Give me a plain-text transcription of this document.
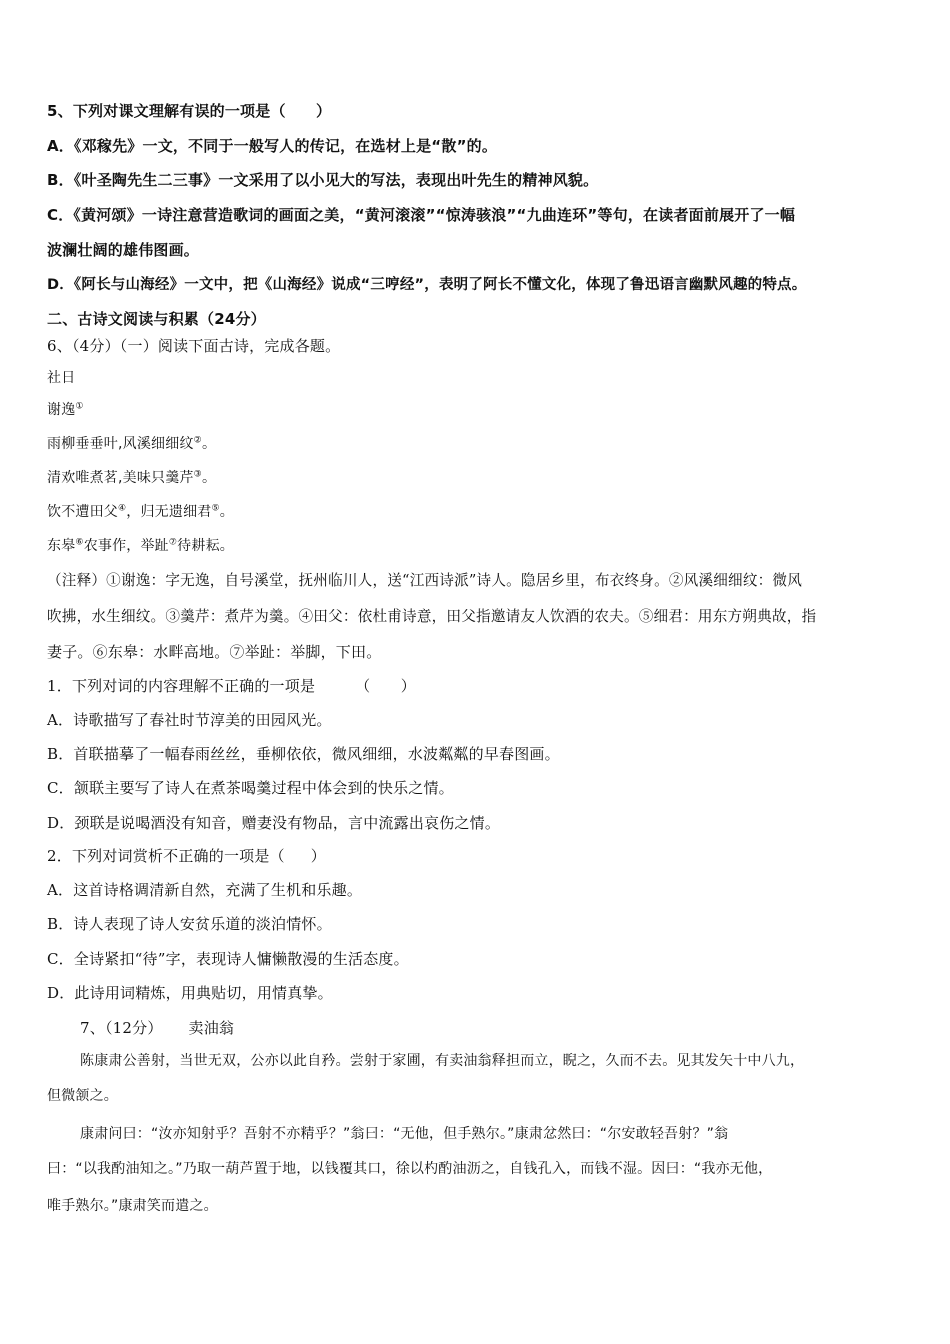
5、下列对课文理解有误的一项是（　　）
A．《邓稼先》一文，不同于一般写人的传记，在选材上是“散”的。
B．《叶圣陶先生二三事》一文采用了以小见大的写法，表现出叶先生的精神风貌。
C．《黄河颂》一诗注意营造歌词的画面之美，“黄河滚滚”“惊涛骇浪”“九曲连环”等句，在读者面前展开了一幅
波澜壮阔的雄伟图画。
D．《阿长与山海经》一文中，把《山海经》说成“三哼经”，表明了阿长不懂文化，体现了鲁迅语言幽默风趣的特点。
二、古诗文阅读与积累（24分）
6、（4分）（一）阅读下面古诗，完成各题。
社日
谢逸①
雨柳垂垂叶,风溪细细纹②。
清欢唯煮茗,美味只羹芹③。
饮不遭田父④，归无遗细君⑤。
东皋⑥农事作，举趾⑦待耕耘。
（注释）①谢逸：字无逸，自号溪堂，抚州临川人，送“江西诗派”诗人。隐居乡里，布衣终身。②风溪细细纹：微风
吹拂，水生细纹。③羹芹：煮芹为羹。④田父：依杜甫诗意，田父指邀请友人饮酒的农夫。⑤细君：用东方朔典故，指
妻子。⑥东皋：水畔高地。⑦举趾：举脚，下田。
1．下列对词的内容理解不正确的一项是	（　　）
A．诗歌描写了春社时节淳美的田园风光。
B．首联描摹了一幅春雨丝丝，垂柳依依，微风细细，水波粼粼的早春图画。
C．颔联主要写了诗人在煮茶喝羹过程中体会到的快乐之情。
D．颈联是说喝酒没有知音，赠妻没有物品，言中流露出哀伤之情。
2．下列对词赏析不正确的一项是（ ）
A．这首诗格调清新自然，充满了生机和乐趣。
B．诗人表现了诗人安贫乐道的淡泊情怀。
C．全诗紧扣“待”字，表现诗人慵懒散漫的生活态度。
D．此诗用词精炼，用典贴切，用情真挚。
7、（12分） 卖油翁
陈康肃公善射，当世无双，公亦以此自矜。尝射于家圃，有卖油翁释担而立，睨之，久而不去。见其发矢十中八九，
但微颔之。
康肃问曰：“汝亦知射乎？吾射不亦精乎？”翁曰：“无他，但手熟尔。”康肃忿然曰：“尔安敢轻吾射？”翁
曰：“以我酌油知之。”乃取一葫芦置于地，以钱覆其口，徐以杓酌油沥之，自钱孔入，而钱不湿。因曰：“我亦无他，
唯手熟尔。”康肃笑而遣之。
